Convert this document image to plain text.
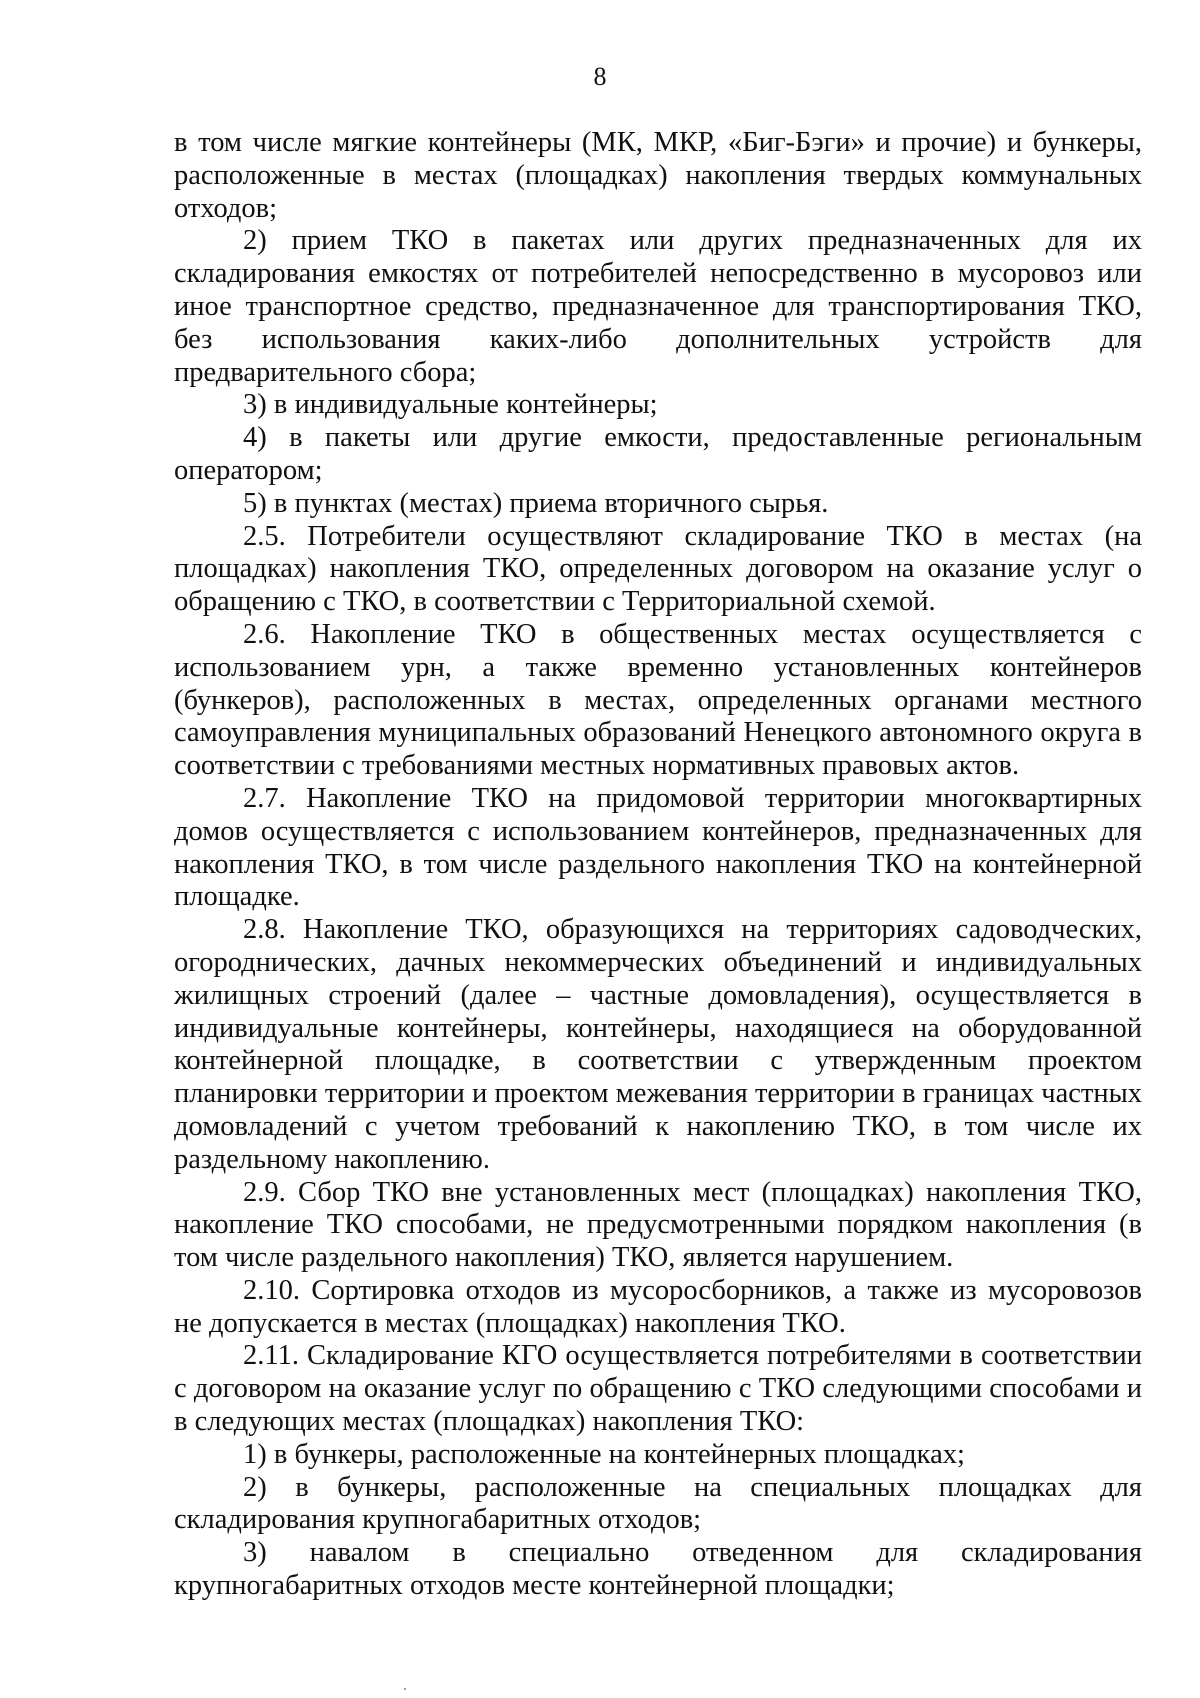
8

в том числе мягкие контейнеры (МК, МКР, «Биг-Бэги» и прочие) и бункеры, расположенные в местах (площадках) накопления твердых коммунальных отходов;

2) прием ТКО в пакетах или других предназначенных для их складирования емкостях от потребителей непосредственно в мусоровоз или иное транспортное средство, предназначенное для транспортирования ТКО, без использования каких-либо дополнительных устройств для предварительного сбора;

3) в индивидуальные контейнеры;

4) в пакеты или другие емкости, предоставленные региональным оператором;

5) в пунктах (местах) приема вторичного сырья.

2.5. Потребители осуществляют складирование ТКО в местах (на площадках) накопления ТКО, определенных договором на оказание услуг о обращению с ТКО, в соответствии с Территориальной схемой.

2.6. Накопление ТКО в общественных местах осуществляется с использованием урн, а также временно установленных контейнеров (бункеров), расположенных в местах, определенных органами местного самоуправления муниципальных образований Ненецкого автономного округа в соответствии с требованиями местных нормативных правовых актов.

2.7. Накопление ТКО на придомовой территории многоквартирных домов осуществляется с использованием контейнеров, предназначенных для накопления ТКО, в том числе раздельного накопления ТКО на контейнерной площадке.

2.8. Накопление ТКО, образующихся на территориях садоводческих, огороднических, дачных некоммерческих объединений и индивидуальных жилищных строений (далее – частные домовладения), осуществляется в индивидуальные контейнеры, контейнеры, находящиеся на оборудованной контейнерной площадке, в соответствии с утвержденным проектом планировки территории и проектом межевания территории в границах частных домовладений с учетом требований к накоплению ТКО, в том числе их раздельному накоплению.

2.9. Сбор ТКО вне установленных мест (площадках) накопления ТКО, накопление ТКО способами, не предусмотренными порядком накопления (в том числе раздельного накопления) ТКО, является нарушением.

2.10. Сортировка отходов из мусоросборников, а также из мусоровозов не допускается в местах (площадках) накопления ТКО.

2.11. Складирование КГО осуществляется потребителями в соответствии с договором на оказание услуг по обращению с ТКО следующими способами и в следующих местах (площадках) накопления ТКО:

1) в бункеры, расположенные на контейнерных площадках;

2) в бункеры, расположенные на специальных площадках для складирования крупногабаритных отходов;

3) навалом в специально отведенном для складирования крупногабаритных отходов месте контейнерной площадки;
